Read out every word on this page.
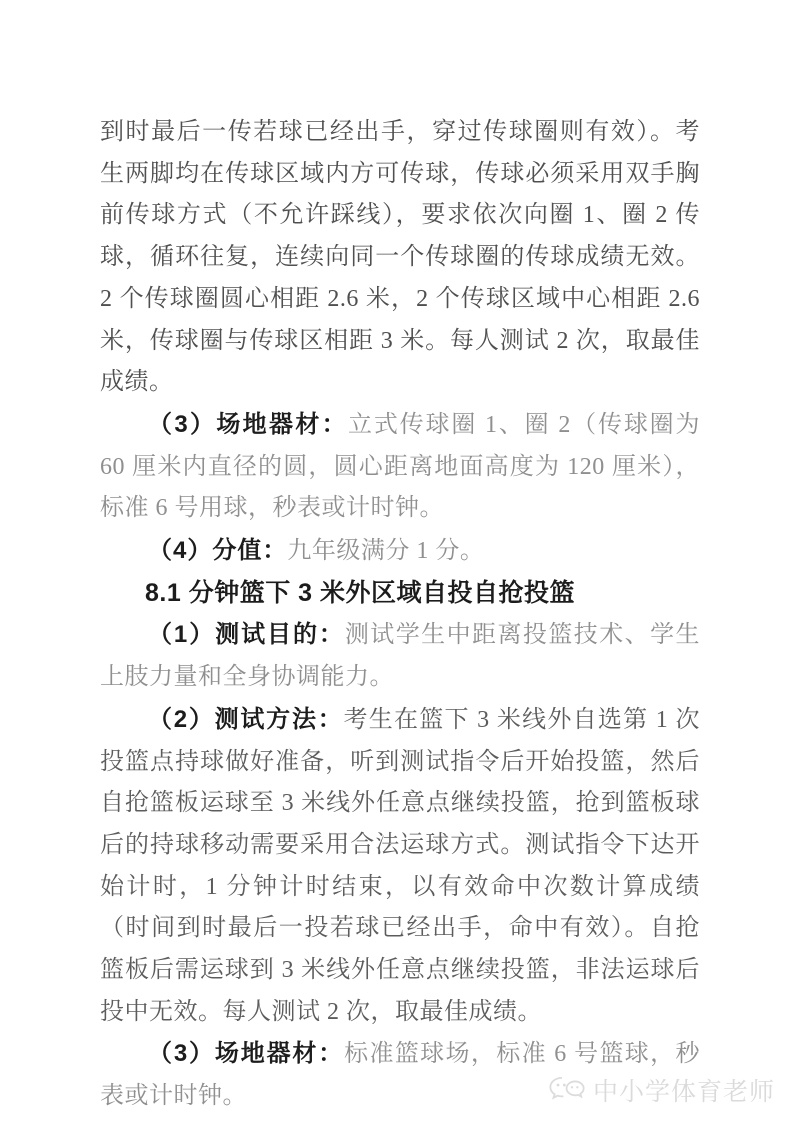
到时最后一传若球已经出手，穿过传球圈则有效）。考生两脚均在传球区域内方可传球，传球必须采用双手胸前传球方式（不允许踩线），要求依次向圈 1、圈 2 传球，循环往复，连续向同一个传球圈的传球成绩无效。2 个传球圈圆心相距 2.6 米，2 个传球区域中心相距 2.6 米，传球圈与传球区相距 3 米。每人测试 2 次，取最佳成绩。

（3）场地器材：立式传球圈 1、圈 2（传球圈为 60 厘米内直径的圆，圆心距离地面高度为 120 厘米），标准 6 号用球，秒表或计时钟。

（4）分值：九年级满分 1 分。

8.1 分钟篮下 3 米外区域自投自抢投篮

（1）测试目的：测试学生中距离投篮技术、学生上肢力量和全身协调能力。

（2）测试方法：考生在篮下 3 米线外自选第 1 次投篮点持球做好准备，听到测试指令后开始投篮，然后自抢篮板运球至 3 米线外任意点继续投篮，抢到篮板球后的持球移动需要采用合法运球方式。测试指令下达开始计时，1 分钟计时结束，以有效命中次数计算成绩（时间到时最后一投若球已经出手，命中有效）。自抢篮板后需运球到 3 米线外任意点继续投篮，非法运球后投中无效。每人测试 2 次，取最佳成绩。

（3）场地器材：标准篮球场，标准 6 号篮球，秒表或计时钟。	中小学体育老师
